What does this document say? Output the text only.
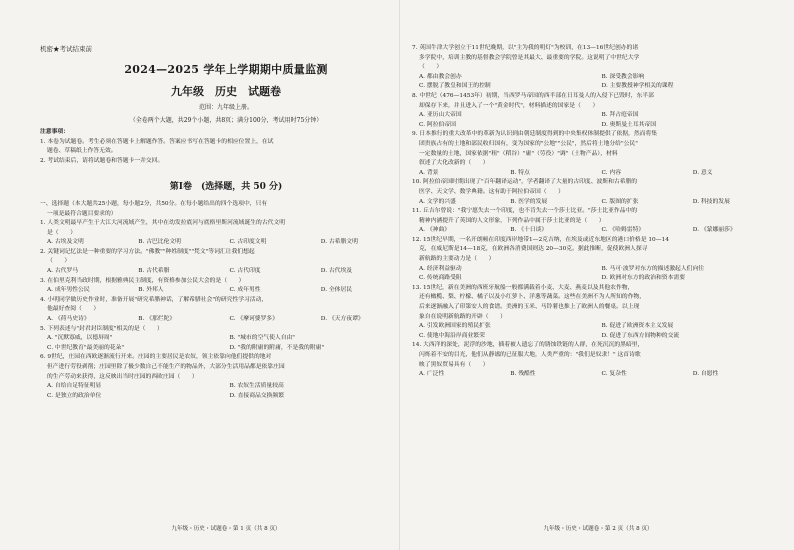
机密★考试结束前
2024—2025 学年上学期期中质量监测
九年级　历史　试题卷
范围：九年级上册。
（全卷两个大题，共29个小题，共8页；满分100分，考试用时75分钟）

注意事项：

1. 本卷为试题卷。考生必须在答题卡上解题作答。答案应书写在答题卡的相应位置上，在试

题卷、草稿纸上作答无效。

2. 考试结束后，请将试题卷和答题卡一并交回。

第Ⅰ卷　(选择题，共 50 分)

一、选择题（本大题共25小题，每小题2分，共50分。在每小题给出的四个选项中，只有

一项是最符合题目要求的）

1. 人类文明最早产生于大江大河流域产生，其中在幼发拉底河与底格里斯河流域诞生的古代文明

是（　　）

A. 古埃及文明	B. 古巴比伦文明	C. 古印度文明	D. 古希腊文明

2. 关键词记忆法是一种重要的学习方法。"佛教""种姓制度""梵文"等词汇让我们想起

（　　）

A. 古代罗马	B. 古代希腊	C. 古代印度	D. 古代埃及

3. 在伯里克利当政时期，根据雅典民主制度，有资格参加公民大会的是（　　）

A. 成年男性公民	B. 外邦人	C. 成年男性	D. 全体居民

4. 小明同学做历史作业时，准备开展"研究希腊神话，了解希腊社会"的研究性学习活动，

他最好查阅（　　）

A. 《荷马史诗》	B. 《那烂陀》	C. 《摩诃婆罗多》	D. 《天方夜谭》

5. 下列表述与"封君封臣制度"相关的是（　　）

A. "沉默寡威，以德屏周"	B. "城市的空气使人自由"
C. 中世纪教育"最美丽的花朵"	D. "我的附庸的附庸，不是我的附庸"

6. 9世纪，庄园在西欧逐渐流行开来。庄园的主要居民是农奴，领主依靠向他们提供的地对

但产进行劳役剥削；庄园里除了极少数自己不能生产的物品外，大部分生活用品都是依靠庄园

的生产劳动来获得，这反映出当时庄园的西欧庄园（　　）

A. 自给自足特征明显	B. 农奴生活质量较高
C. 是独立的政治单位	D. 直接商品交换频繁
九年级・历史・试题卷・第 1 页（共 8 页）

7. 英国牛津大学创立于11世纪晚期，以"主为我的明灯"为校训，在13—16世纪创办的诸

多学院中，培训主教的基督教会学院曾是其最大、最重要的学院。这说明了中世纪大学

（　　）

A. 都由教会创办	B. 深受教会影响
C. 摆脱了教皇和国王的控制	D. 主要教授神学相关的课程

8. 中世纪（476—1453年）初期，当西罗马帝国的西半部在日耳曼人的入侵下已毁时，东半部

却保存下来，并且进入了一个"黄金时代"，材料描述的国家是（　　）

A. 亚历山大帝国	B. 拜占庭帝国
C. 阿拉伯帝国	D. 奥斯曼土耳其帝国

9. 日本推行的重大改革中的革新为认识到由朝廷制度得到的中央集权体制提供了依据，然而将集

团贵族占有的土地和部民收归国有，变为国家的"公地""公民"，然后将土地分给"公民"

一定数量的土地，国家依据"租"（稻谷）"庸"（劳役）"调"（土物产品），材料

叙述了大化改新的（　　）

A. 背景	B. 特点	C. 内容	D. 意义

10. 阿拉伯帝国时期出现了"百年翻译运动"，学者翻译了大量的古印度、波斯和古希腊的

医学、天文学、数学典籍。这有助于阿拉伯帝国（　　）

A. 文学的兴盛	B. 医学的发展	C. 版图的扩张	D. 科技的发展

11. 丘吉尔曾说："我宁愿失去一个印度，也不肯失去一个莎士比亚。"莎士比亚作品中的

精神内涵提升了英国的人文形象，下列作品中属于莎士比亚的是（　　）

A. 《神曲》	B. 《十日谈》	C. 《哈姆雷特》	D. 《蒙娜丽莎》

12. 15世纪早期，一名开朗顿在印度西岸地带1—2克吉纳，在埃及或近东地区的港口价格是 10—14

克，在威尼斯是14—18克，在欧洲各消费国则达 20—30克。据此推断，促使欧洲人探寻

新航路的主要动力是（　　）

A. 经济利益驱动	B. 马可·波罗对东方的描述激起人们向往
C. 传统商路受阻	D. 欧洲对东方的政治和资本需要

13. 15世纪，新在美洲的西班牙航船一般都满载着小麦、大麦、燕麦以及其他农作物，

还有橄榄、梨、柠檬、橘子以及小红萝卜、洋葱等蔬菜。这些在美洲不为人所知的作物，

后来逐渐融入了印第安人的食谱。美洲的玉米、马铃薯也推上了欧洲人的餐桌。以上现

象自在说明新航路的开辟（　　）

A. 引发欧洲国家的殖民扩张	B. 促进了欧洲资本主义发展
C. 使地中海沿岸商业繁荣	D. 促进了东西方间物种的交流

14. 大西洋的深处，泥浮的沙地，插着被人遗忘了的锈蚀铁链的人群，在死沉沉的黑暗里，

闪烁着不安的目光，他们从静谧的已征服大地，人类严重的："我们是奴隶！" 这首诗歌

映了黑奴贸易具有（　　）

A. 广泛性	B. 残酷性	C. 复杂性	D. 自愿性
九年级・历史・试题卷・第 2 页（共 8 页）
